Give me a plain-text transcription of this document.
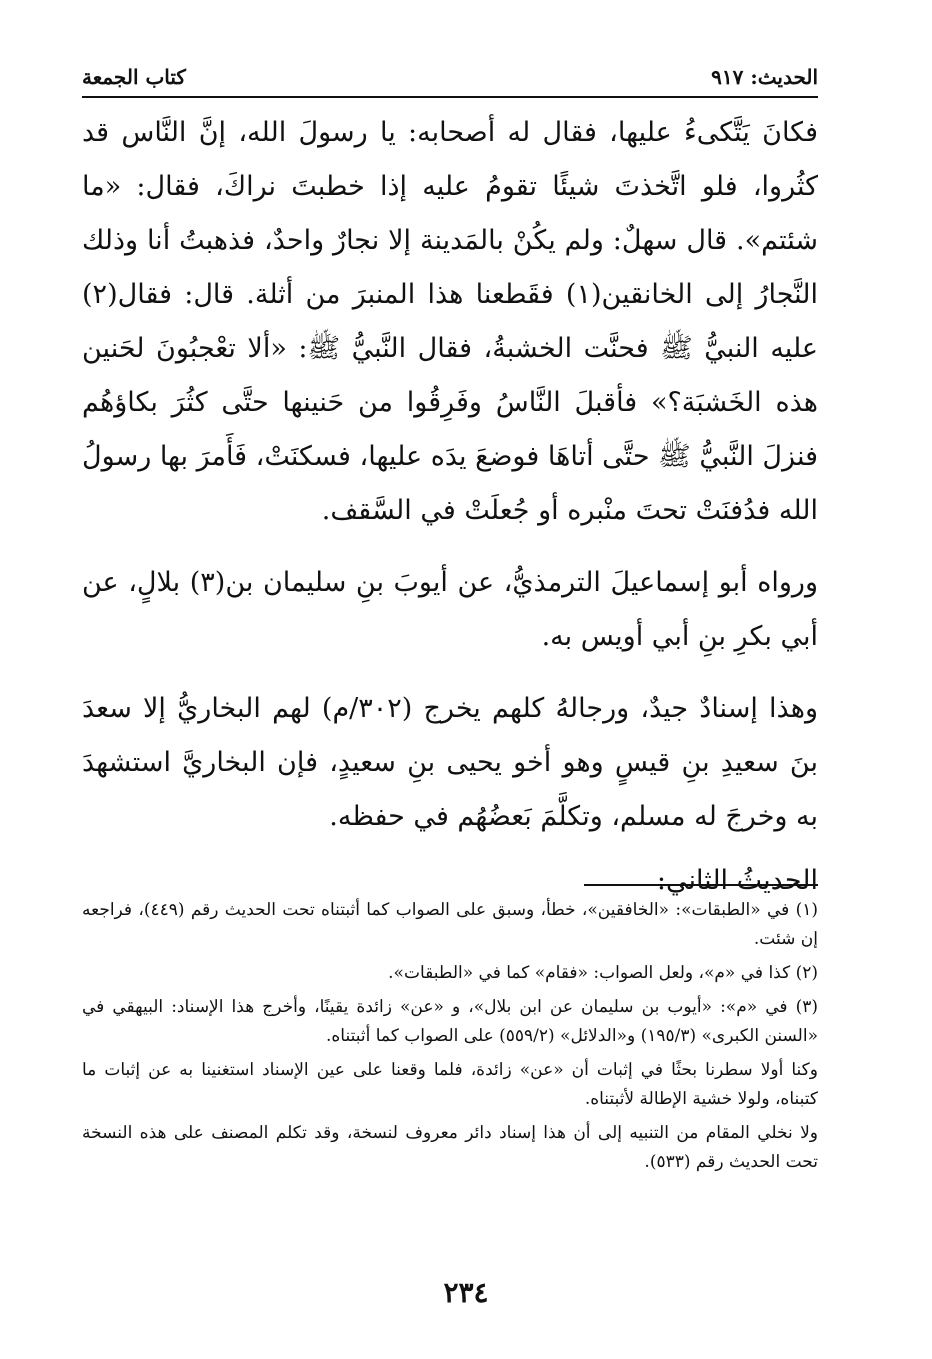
الحديث: ٩١٧
كتاب الجمعة

فكانَ يَتَّكىءُ عليها، فقال له أصحابه: يا رسولَ الله، إنَّ النَّاس قد كثُروا، فلو اتَّخذتَ شيئًا تقومُ عليه إذا خطبتَ نراكَ، فقال: «ما شئتم». قال سهلٌ: ولم يكُنْ بالمَدينة إلا نجارٌ واحدٌ، فذهبتُ أنا وذلك النَّجارُ إلى الخانقين(١) فقَطعنا هذا المنبرَ من أثلة. قال: فقال(٢) عليه النبيُّ ﷺ فحنَّت الخشبةُ، فقال النَّبيُّ ﷺ: «ألا تعْجبُونَ لحَنين هذه الخَشبَة؟» فأقبلَ النَّاسُ وفَرِقُوا من حَنينها حتَّى كثُرَ بكاؤهُم فنزلَ النَّبيُّ ﷺ حتَّى أتاهَا فوضعَ يدَه عليها، فسكنَتْ، فَأَمرَ بها رسولُ الله فدُفنَتْ تحتَ منْبره أو جُعلَتْ في السَّقف.

ورواه أبو إسماعيلَ الترمذيُّ، عن أيوبَ بنِ سليمان بن(٣) بلالٍ، عن أبي بكرِ بنِ أبي أويس به.

وهذا إسنادٌ جيدٌ، ورجالهُ كلهم يخرج (٣٠٢/م) لهم البخاريُّ إلا سعدَ بنَ سعيدِ بنِ قيسٍ وهو أخو يحيى بنِ سعيدٍ، فإن البخاريَّ استشهدَ به وخرجَ له مسلم، وتكلَّمَ بَعضُهُم في حفظه.

الحديثُ الثاني:

(١) في «الطبقات»: «الخافقين»، خطأ، وسبق على الصواب كما أثبتناه تحت الحديث رقم (٤٤٩)، فراجعه إن شئت.

(٢) كذا في «م»، ولعل الصواب: «فقام» كما في «الطبقات».

(٣) في «م»: «أيوب بن سليمان عن ابن بلال»، و «عن» زائدة يقينًا، وأخرج هذا الإسناد: البيهقي في «السنن الكبرى» (١٩٥/٣) و«الدلائل» (٥٥٩/٢) على الصواب كما أثبتناه.

وكنا أولا سطرنا بحثًا في إثبات أن «عن» زائدة، فلما وقعنا على عين الإسناد استغنينا به عن إثبات ما كتبناه، ولولا خشية الإطالة لأثبتناه.

ولا نخلي المقام من التنبيه إلى أن هذا إسناد دائر معروف لنسخة، وقد تكلم المصنف على هذه النسخة تحت الحديث رقم (٥٣٣).

٢٣٤
